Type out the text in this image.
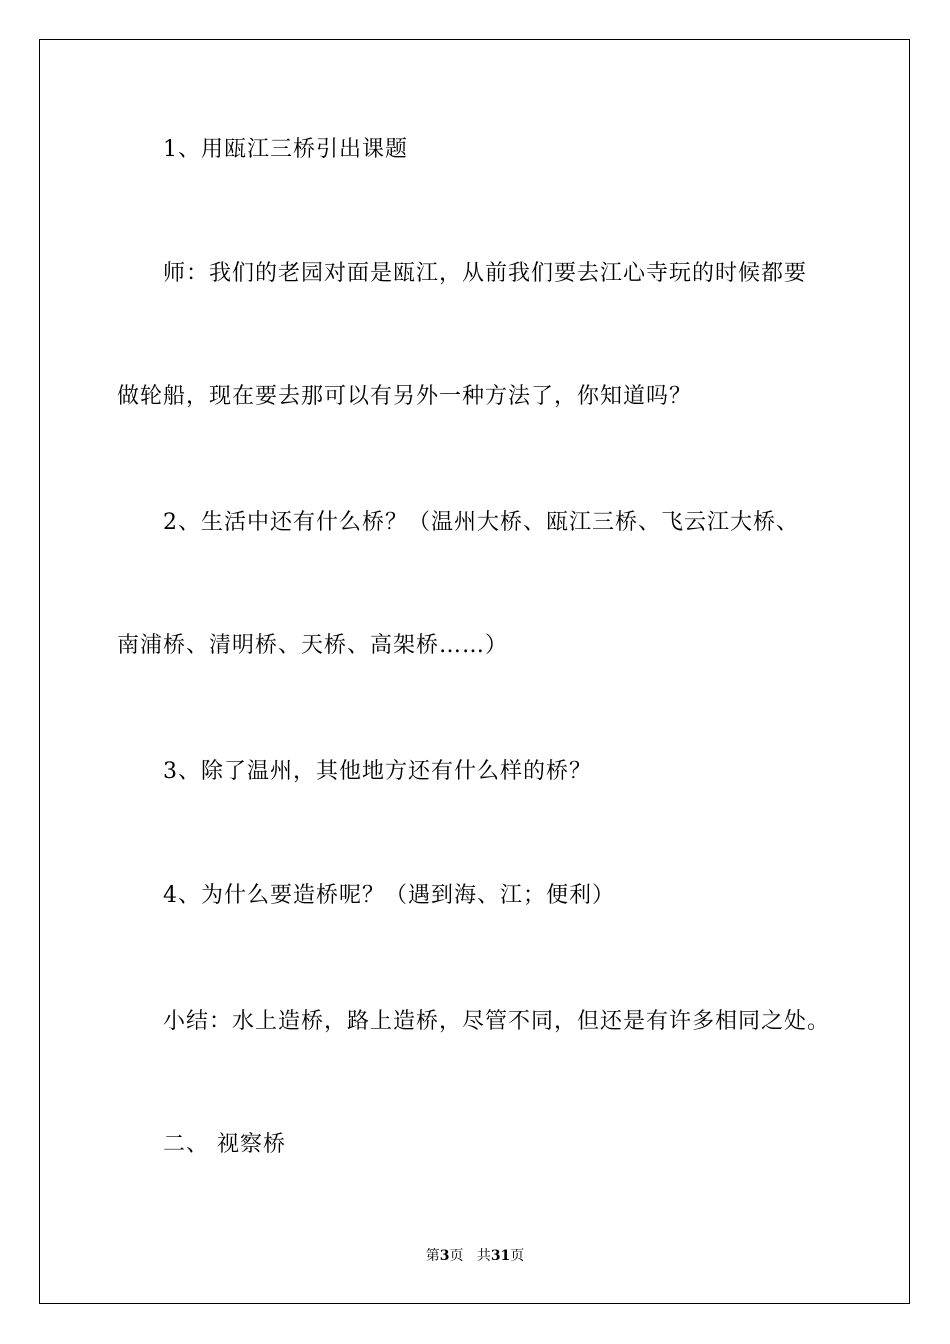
1、用瓯江三桥引出课题
师：我们的老园对面是瓯江，从前我们要去江心寺玩的时候都要
做轮船，现在要去那可以有另外一种方法了，你知道吗？
2、生活中还有什么桥？（温州大桥、瓯江三桥、飞云江大桥、
南浦桥、清明桥、天桥、高架桥……）
3、除了温州，其他地方还有什么样的桥？
4、为什么要造桥呢？（遇到海、江；便利）
小结：水上造桥，路上造桥，尽管不同，但还是有许多相同之处。
二、 视察桥
第3页 共31页
